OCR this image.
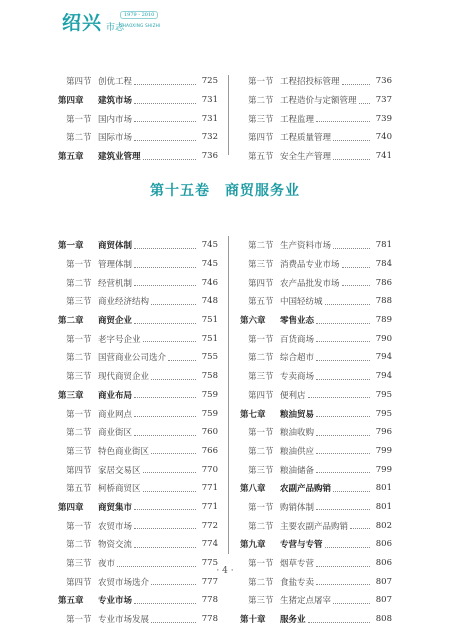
绍兴	1979 - 2010
市志
SHAOXING SHIZHI
第四节 创优工程	725
第四章	建筑市场	731
第一节 国内市场	731
第二节 国际市场	732
第五章	建筑业管理	736
第一节 工程招投标管理	736
第二节 工程造价与定额管理	737
第三节 工程监理	739
第四节 工程质量管理	740
第五节 安全生产管理	741
第十五卷　商贸服务业
第一章	商贸体制	745
第一节 管理体制	745
第二节 经营机制	746
第三节 商业经济结构	748
第二章	商贸企业	751
第一节 老字号企业	751
第二节 国营商业公司选介	755
第三节 现代商贸企业	758
第三章	商业布局	759
第一节 商业网点	759
第二节 商业街区	760
第三节 特色商业街区	766
第四节 家居交易区	770
第五节 柯桥商贸区	771
第四章	商贸集市	771
第一节 农贸市场	772
第二节 物资交流	774
第三节 夜市	775
第四节 农贸市场选介	777
第五章	专业市场	778
第一节 专业市场发展	778
第二节 生产资料市场	781
第三节 消费品专业市场	784
第四节 农产品批发市场	786
第五节 中国轻纺城	788
第六章	零售业态	789
第一节 百货商场	790
第二节 综合超市	794
第三节 专卖商场	794
第四节 便利店	795
第七章	粮油贸易	795
第一节 粮油收购	796
第二节 粮油供应	799
第三节 粮油储备	799
第八章	农副产品购销	801
第一节 购销体制	801
第二节 主要农副产品购销	802
第九章	专营与专管	806
第一节 烟草专营	806
第二节 食盐专卖	807
第三节 生猪定点屠宰	807
第十章	服务业	808
· 4 ·
